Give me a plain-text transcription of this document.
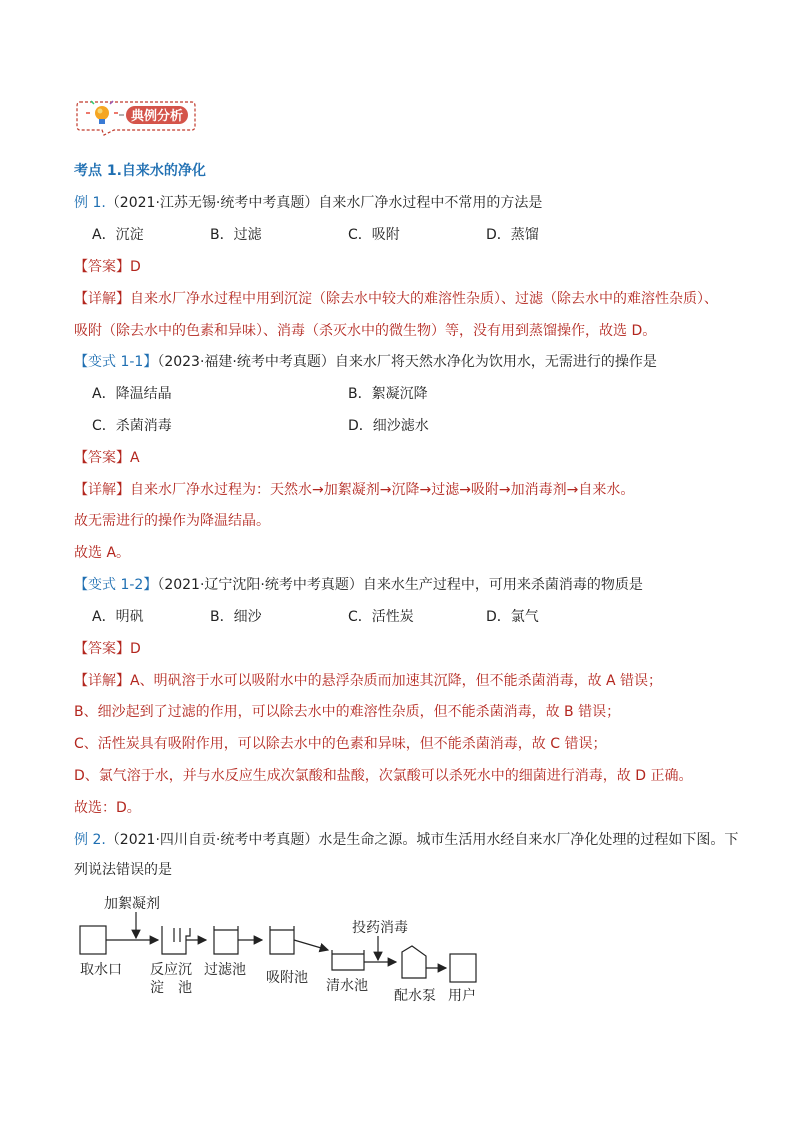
典例分析
考点 1.自来水的净化
例 1.（2021·江苏无锡·统考中考真题）自来水厂净水过程中不常用的方法是
A．沉淀	B．过滤	C．吸附	D．蒸馏
【答案】D
【详解】自来水厂净水过程中用到沉淀（除去水中较大的难溶性杂质）、过滤（除去水中的难溶性杂质）、
吸附（除去水中的色素和异味）、消毒（杀灭水中的微生物）等，没有用到蒸馏操作，故选 D。
【变式 1-1】（2023·福建·统考中考真题）自来水厂将天然水净化为饮用水，无需进行的操作是
A．降温结晶	B．絮凝沉降
C．杀菌消毒	D．细沙滤水
【答案】A
【详解】自来水厂净水过程为：天然水→加絮凝剂→沉降→过滤→吸附→加消毒剂→自来水。
故无需进行的操作为降温结晶。
故选 A。
【变式 1-2】（2021·辽宁沈阳·统考中考真题）自来水生产过程中，可用来杀菌消毒的物质是
A．明矾	B．细沙	C．活性炭	D．氯气
【答案】D
【详解】A、明矾溶于水可以吸附水中的悬浮杂质而加速其沉降，但不能杀菌消毒，故 A 错误；
B、细沙起到了过滤的作用，可以除去水中的难溶性杂质，但不能杀菌消毒，故 B 错误；
C、活性炭具有吸附作用，可以除去水中的色素和异味，但不能杀菌消毒，故 C 错误；
D、氯气溶于水，并与水反应生成次氯酸和盐酸，次氯酸可以杀死水中的细菌进行消毒，故 D 正确。
故选：D。
例 2.（2021·四川自贡·统考中考真题）水是生命之源。城市生活用水经自来水厂净化处理的过程如下图。下
列说法错误的是
加絮凝剂
投药消毒
取水口 反应沉
淀　池
过滤池 吸附池 清水池
配水泵 用户
